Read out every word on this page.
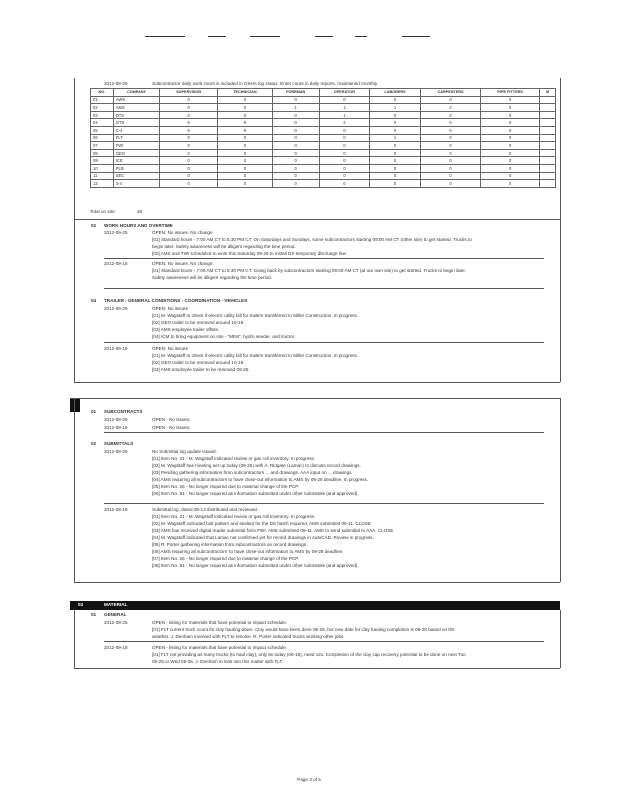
2012-09-25	Subcontractor daily work count is included in OSHA log status. Enter count in daily reports, maintained monthly.
NO.	COMPANY	SUPERVISOR	TECHNICIAN	FOREMAN	OPERATOR	LABORERS	CARPENTERS	PIPE FITTERS	M
01	AWS	0	0	0	0	0	0	0	
02	AMS	0	0	1	1	1	2	0	
03	DTS	0	0	0	1	0	0	0	
04	GTS	0	0	0	2	0	0	0	
05	C-4	0	0	0	0	0	0	0	
06	FLT	0	0	0	0	1	0	0	
07	FWI	0	0	0	0	0	0	0	
08	GEO	0	0	0	0	0	0	0	
09	ICE	0	0	0	0	0	0	0	
10	PLB	0	0	0	0	0	0	0	
11	SEC	0	0	0	0	0	0	0	
12	3-4	0	0	0	0	0	0	0	
Total on site:	28
02 WORK HOURS AND OVERTIME
2012-09-25	OPEN: No issues. No change.
[01] Standard hours - 7:00 AM CT to 5:30 PM CT. On Saturdays and Sundays, some subcontractors starting 09:00 AM CT (other site) to get started. Trucks to
begin later. Safety awareness will be diligent regarding the time period.
[02] AMS and TWI scheduled to work this Saturday 09-29 to install DS temporary discharge line.
2012-09-18	OPEN: No issues. No change.
[01] Standard hours - 7:00 AM CT to 5:30 PM CT. Going back by subcontractors starting 09:00 AM CT (at our own site) to get started. Trucks to begin later.
Safety awareness will be diligent regarding the time period.
04 TRAILER - GENERAL CONDITIONS - COORDINATION - VEHICLES
2012-09-25	OPEN: No issues
[01] M. Wagstaff to check if electric utility bill for trailers transferred to Miller Construction. In progress.
[02] GEO trailer to be removed around 10-19.
[03] AMS employee trailer offsite.
[04] ICM to bring equipment on site - "MINI", hydro seeder, and tractor.
2012-09-18	OPEN: No issues
[01] M. Wagstaff to check if electric utility bill for trailers transferred to Miller Construction. In progress.
[02] GEO trailer to be removed around 10-19.
[03] AMS employee trailer to be removed 09-25.
01 SUBCONTRACTS
2012-09-25	OPEN - No issues.
2012-09-18	OPEN - No issues.
02 SUBMITTALS
2012-09-25	No Submittal log update issued.
[01] Item No. 21 - M. Wagstaff indicated review or gas roll inventory. In progress.
[02] M. Wagstaff has meeting set up today (09-25) with A. Ridgate (Lamac) to discuss record drawings.
[03] Pending gathering information from subcontractors ... and drawings. AAA input on ... drawings.
[04] AMS requiring all subcontractors to have close-out information to AMS by 09-28 deadline. In progress.
[05] Item No. 26 - No longer required due to material change of the PCP.
[06] Item No. 81 - No longer required as information submitted under other submittals (and approved).
2012-09-18	Submittal log, dated 09-13 distributed and reviewed.
[01] Item No. 21 - M. Wagstaff indicated review or gas roll inventory. In progress.
[02] M. Wagstaff indicated bolt pattern and sealant for the DS hatch required. AMS submitted 09-11. CLOSE
[03] AMS has received digital reader submittal form FWI. AMS submitted 09-11. AMS to send submittal to AAA. CLOSE
[04] M. Wagstaff indicated that Lamac not confirmed yet for record drawings in AutoCAD. Review in progress.
[05] R. Porter gathering information from subcontractors on record drawings.
[06] AMS requiring all subcontractors' to have close-out information to AMS by 09-28 deadline.
[07] Item No. 26 - No longer required due to material change of the PCP.
[08] Item No. 81 - No longer required as information submitted under other submittals (and approved).
03	MATERIAL
01 GENERAL
2012-09-25	OPEN - listing for materials that have potential to impact schedule.
[01] FLT current truck count for clay hauling down. Clay would have been done 09-26, but new date for clay hauling completion is 09-28 based on the
weather. J. Denham involved with FLT to resolve. R. Porter indicated trucks working other jobs.
2012-09-18	OPEN - listing for materials that have potential to impact schedule.
[01] FLT not providing as many trucks (to haul clay), only 8x today (09-18), need 12x. Completion of the clay cap recovery potential to be done on next Tue
09-25 or Wed 09-26. J. Denham to look into this matter with FLT.
Page 3 of 5
